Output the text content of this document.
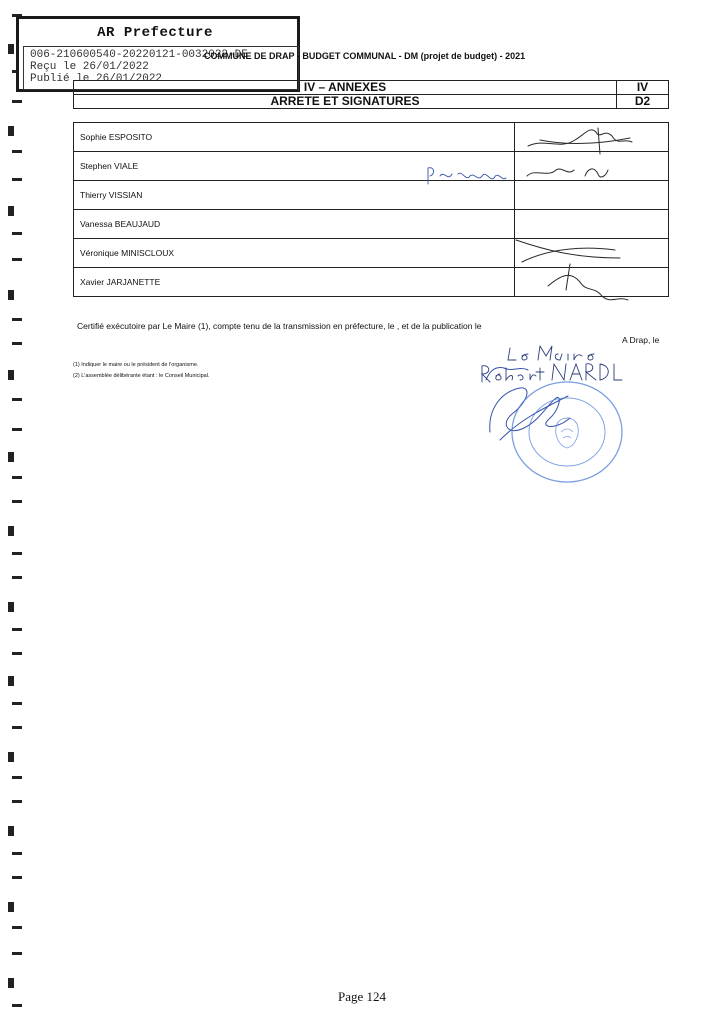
AR Prefecture
006-210600540-20220121-0032022-DE
Reçu le 26/01/2022
Publié le 26/01/2022
COMMUNE DE DRAP - BUDGET COMMUNAL - DM (projet de budget) - 2021
IV – ANNEXES	IV
ARRETE ET SIGNATURES	D2
Sophie ESPOSITO	
Stephen VIALE	
Thierry VISSIAN	
Vanessa BEAUJAUD	
Véronique MINISCLOUX	
Xavier JARJANETTE	
Certifié exécutoire par Le Maire (1), compte tenu de la transmission en préfecture, le , et de la publication le
A Drap, le
(1) Indiquer le maire ou le président de l'organisme.
(2) L'assemblée délibérante étant : le Conseil Municipal.
Page 124
